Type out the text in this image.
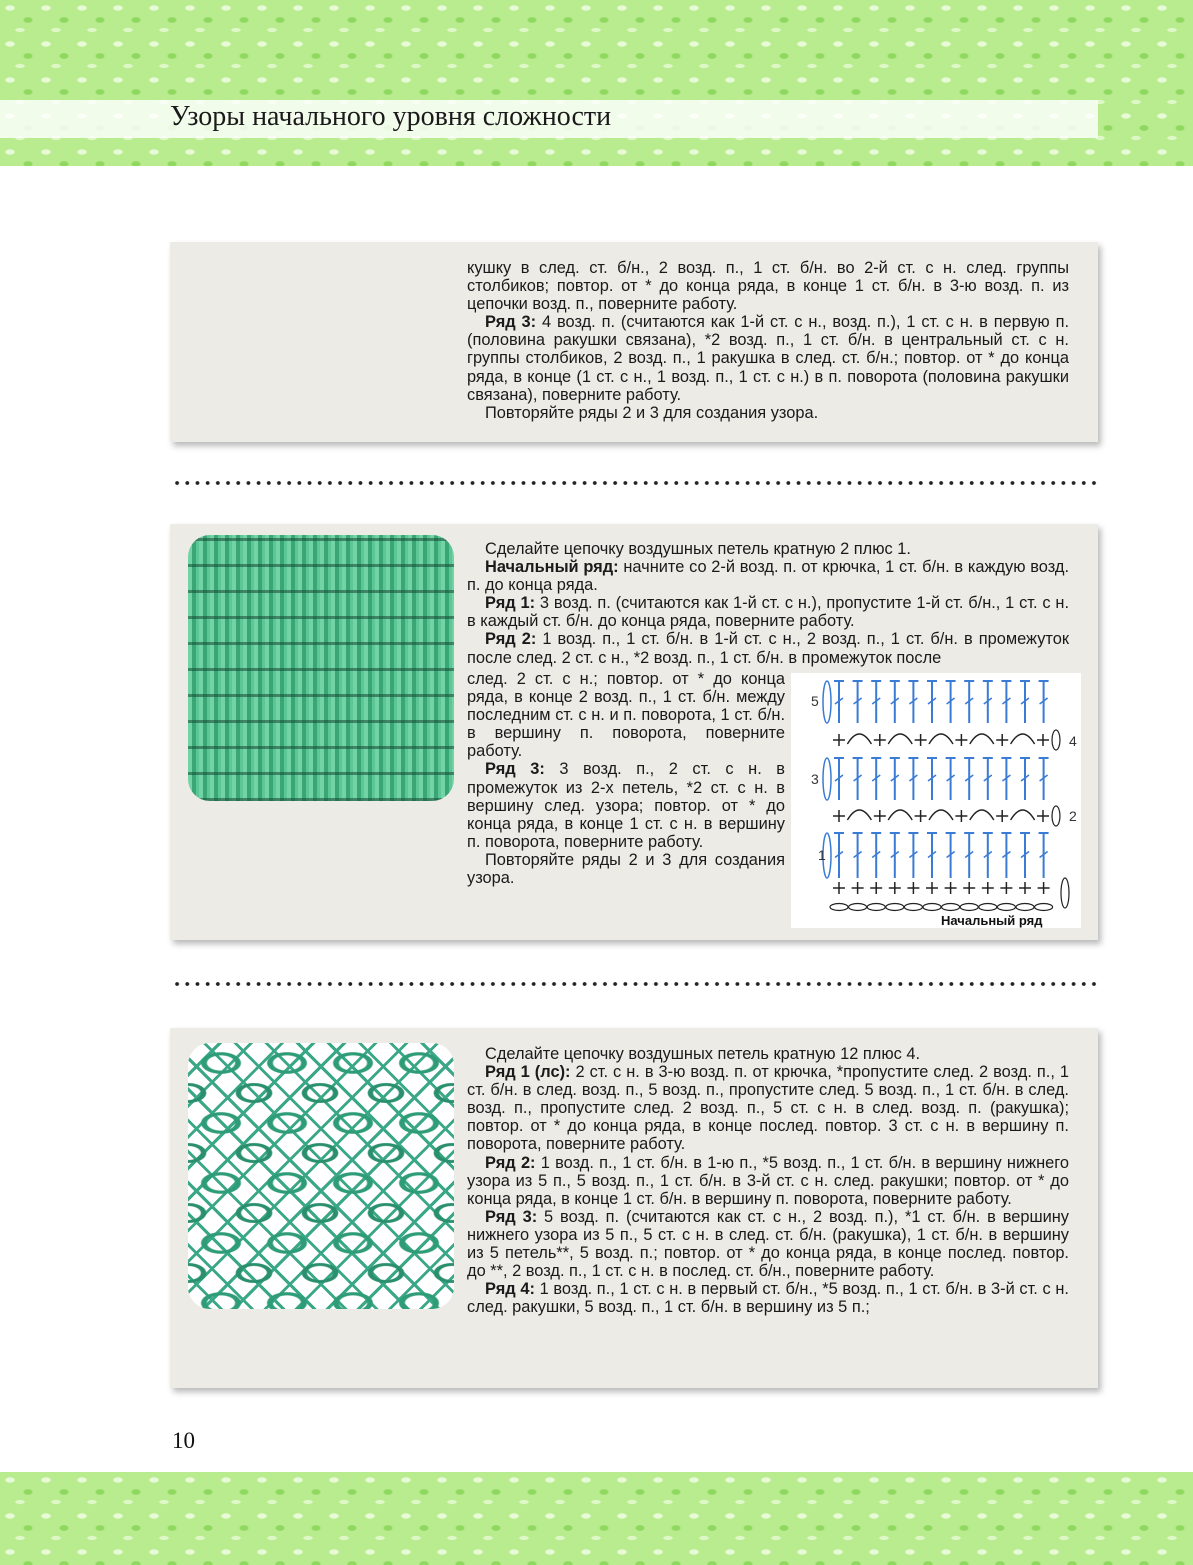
Узоры начального уровня сложности

кушку в след. ст. б/н., 2 возд. п., 1 ст. б/н. во 2-й ст. с н. след. группы столбиков; повтор. от * до конца ряда, в конце 1 ст. б/н. в 3-ю возд. п. из цепочки возд. п., поверните работу.

Ряд 3: 4 возд. п. (считаются как 1-й ст. с н., возд. п.), 1 ст. с н. в первую п. (половина ракушки связана), *2 возд. п., 1 ст. б/н. в центральный ст. с н. группы столбиков, 2 возд. п., 1 ракушка в след. ст. б/н.; повтор. от * до конца ряда, в конце (1 ст. с н., 1 возд. п., 1 ст. с н.) в п. поворота (половина ракушки связана), поверните работу.

Повторяйте ряды 2 и 3 для создания узора.

Сделайте цепочку воздушных петель кратную 2 плюс 1.

Начальный ряд: начните со 2-й возд. п. от крючка, 1 ст. б/н. в каждую возд. п. до конца ряда.

Ряд 1: 3 возд. п. (считаются как 1-й ст. с н.), пропустите 1-й ст. б/н., 1 ст. с н. в каждый ст. б/н. до конца ряда, поверните работу.

Ряд 2: 1 возд. п., 1 ст. б/н. в 1-й ст. с н., 2 возд. п., 1 ст. б/н. в промежуток после след. 2 ст. с н., *2 возд. п., 1 ст. б/н. в промежуток после

след. 2 ст. с н.; повтор. от * до конца ряда, в конце 2 возд. п., 1 ст. б/н. между последним ст. с н. и п. поворота, 1 ст. б/н. в вершину п. поворота, поверните работу.

Ряд 3: 3 возд. п., 2 ст. с н. в промежуток из 2-х петель, *2 ст. с н. в вершину след. узора; повтор. от * до конца ряда, в конце 1 ст. с н. в вершину п. поворота, поверните работу.

Повторяйте ряды 2 и 3 для создания узора.

5
4
3
2
1
Начальный ряд

Сделайте цепочку воздушных петель кратную 12 плюс 4.

Ряд 1 (лс): 2 ст. с н. в 3-ю возд. п. от крючка, *пропустите след. 2 возд. п., 1 ст. б/н. в след. возд. п., 5 возд. п., пропустите след. 5 возд. п., 1 ст. б/н. в след. возд. п., пропустите след. 2 возд. п., 5 ст. с н. в след. возд. п. (ракушка); повтор. от * до конца ряда, в конце послед. повтор. 3 ст. с н. в вершину п. поворота, поверните работу.

Ряд 2: 1 возд. п., 1 ст. б/н. в 1-ю п., *5 возд. п., 1 ст. б/н. в вершину нижнего узора из 5 п., 5 возд. п., 1 ст. б/н. в 3-й ст. с н. след. ракушки; повтор. от * до конца ряда, в конце 1 ст. б/н. в вершину п. поворота, поверните работу.

Ряд 3: 5 возд. п. (считаются как ст. с н., 2 возд. п.), *1 ст. б/н. в вершину нижнего узора из 5 п., 5 ст. с н. в след. ст. б/н. (ракушка), 1 ст. б/н. в вершину из 5 петель**, 5 возд. п.; повтор. от * до конца ряда, в конце послед. повтор. до **, 2 возд. п., 1 ст. с н. в послед. ст. б/н., поверните работу.

Ряд 4: 1 возд. п., 1 ст. с н. в первый ст. б/н., *5 возд. п., 1 ст. б/н. в 3-й ст. с н. след. ракушки, 5 возд. п., 1 ст. б/н. в вершину из 5 п.;

10
